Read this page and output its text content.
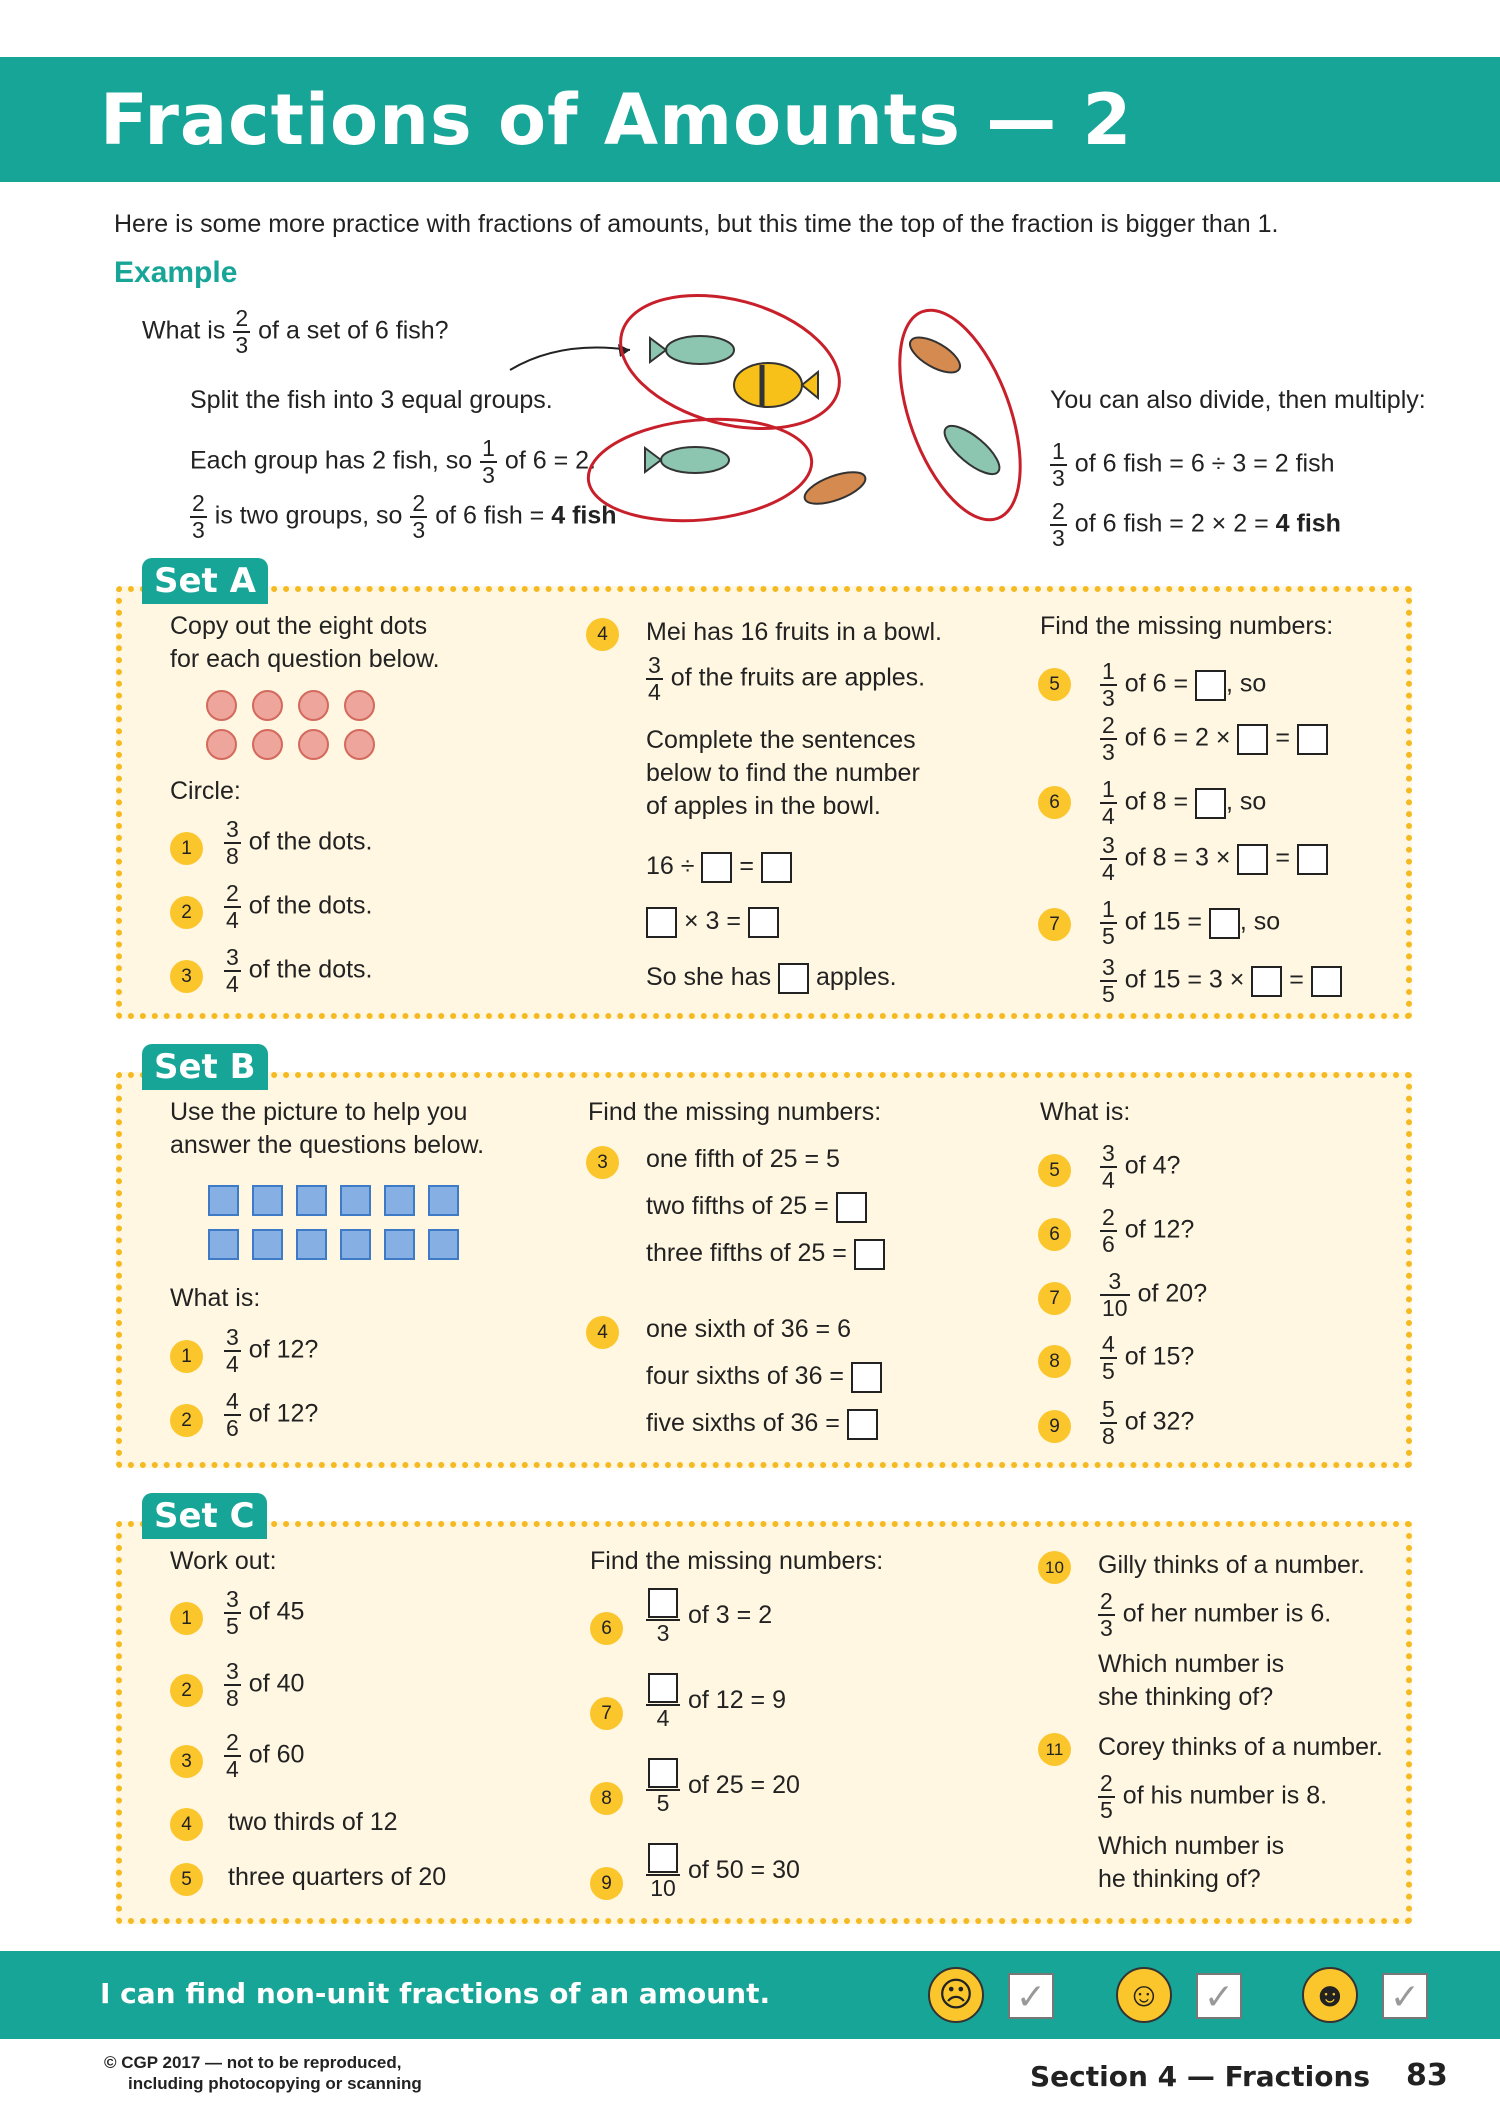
Fractions of Amounts — 2
Here is some more practice with fractions of amounts, but this time the top of the fraction is bigger than 1.
Example
What is $\frac{2}{3}$ of a set of 6 fish?
Split the fish into 3 equal groups.
Each group has 2 fish, so $\frac{1}{3}$ of 6 = 2.
$\frac{2}{3}$ is two groups, so $\frac{2}{3}$ of 6 fish = 4 fish
You can also divide, then multiply:
$\frac{1}{3}$ of 6 fish = 6 ÷ 3 = 2 fish
$\frac{2}{3}$ of 6 fish = 2 × 2 = 4 fish
Set A
Copy out the eight dots
for each question below.
Circle:
1	$\frac{3}{8}$ of the dots.
2	$\frac{2}{4}$ of the dots.
3	$\frac{3}{4}$ of the dots.
4	Mei has 16 fruits in a bowl.
$\frac{3}{4}$ of the fruits are apples.
Complete the sentences
below to find the number
of apples in the bowl.
16 ÷ =
× 3 =
So she has apples.
Find the missing numbers:
5	$\frac{1}{3}$ of 6 = , so
$\frac{2}{3}$ of 6 = 2 × =
6	$\frac{1}{4}$ of 8 = , so
$\frac{3}{4}$ of 8 = 3 × =
7	$\frac{1}{5}$ of 15 = , so
$\frac{3}{5}$ of 15 = 3 × =
Set B
Use the picture to help you
answer the questions below.
What is:
1	$\frac{3}{4}$ of 12?
2	$\frac{4}{6}$ of 12?
Find the missing numbers:
3	one fifth of 25 = 5
two fifths of 25 =
three fifths of 25 =
4	one sixth of 36 = 6
four sixths of 36 =
five sixths of 36 =
What is:
5	$\frac{3}{4}$ of 4?
6	$\frac{2}{6}$ of 12?
7	$\frac{3}{10}$ of 20?
8	$\frac{4}{5}$ of 15?
9	$\frac{5}{8}$ of 32?
Set C
Work out:
1	$\frac{3}{5}$ of 45
2	$\frac{3}{8}$ of 40
3	$\frac{2}{4}$ of 60
4	two thirds of 12
5	three quarters of 20
Find the missing numbers:
6	3
of 3 = 2
7	4
of 12 = 9
8	5
of 25 = 20
9	10
of 50 = 30
10 Gilly thinks of a number.
$\frac{2}{3}$ of her number is 6.
Which number is
she thinking of?
11	Corey thinks of a number.
$\frac{2}{5}$ of his number is 8.
Which number is
he thinking of?
I can find non-unit fractions of an amount.	☹ ✓	☺ ✓ ☻ ✓
© CGP 2017 — not to be reproduced,
including photocopying or scanning	Section 4 — Fractions 83
